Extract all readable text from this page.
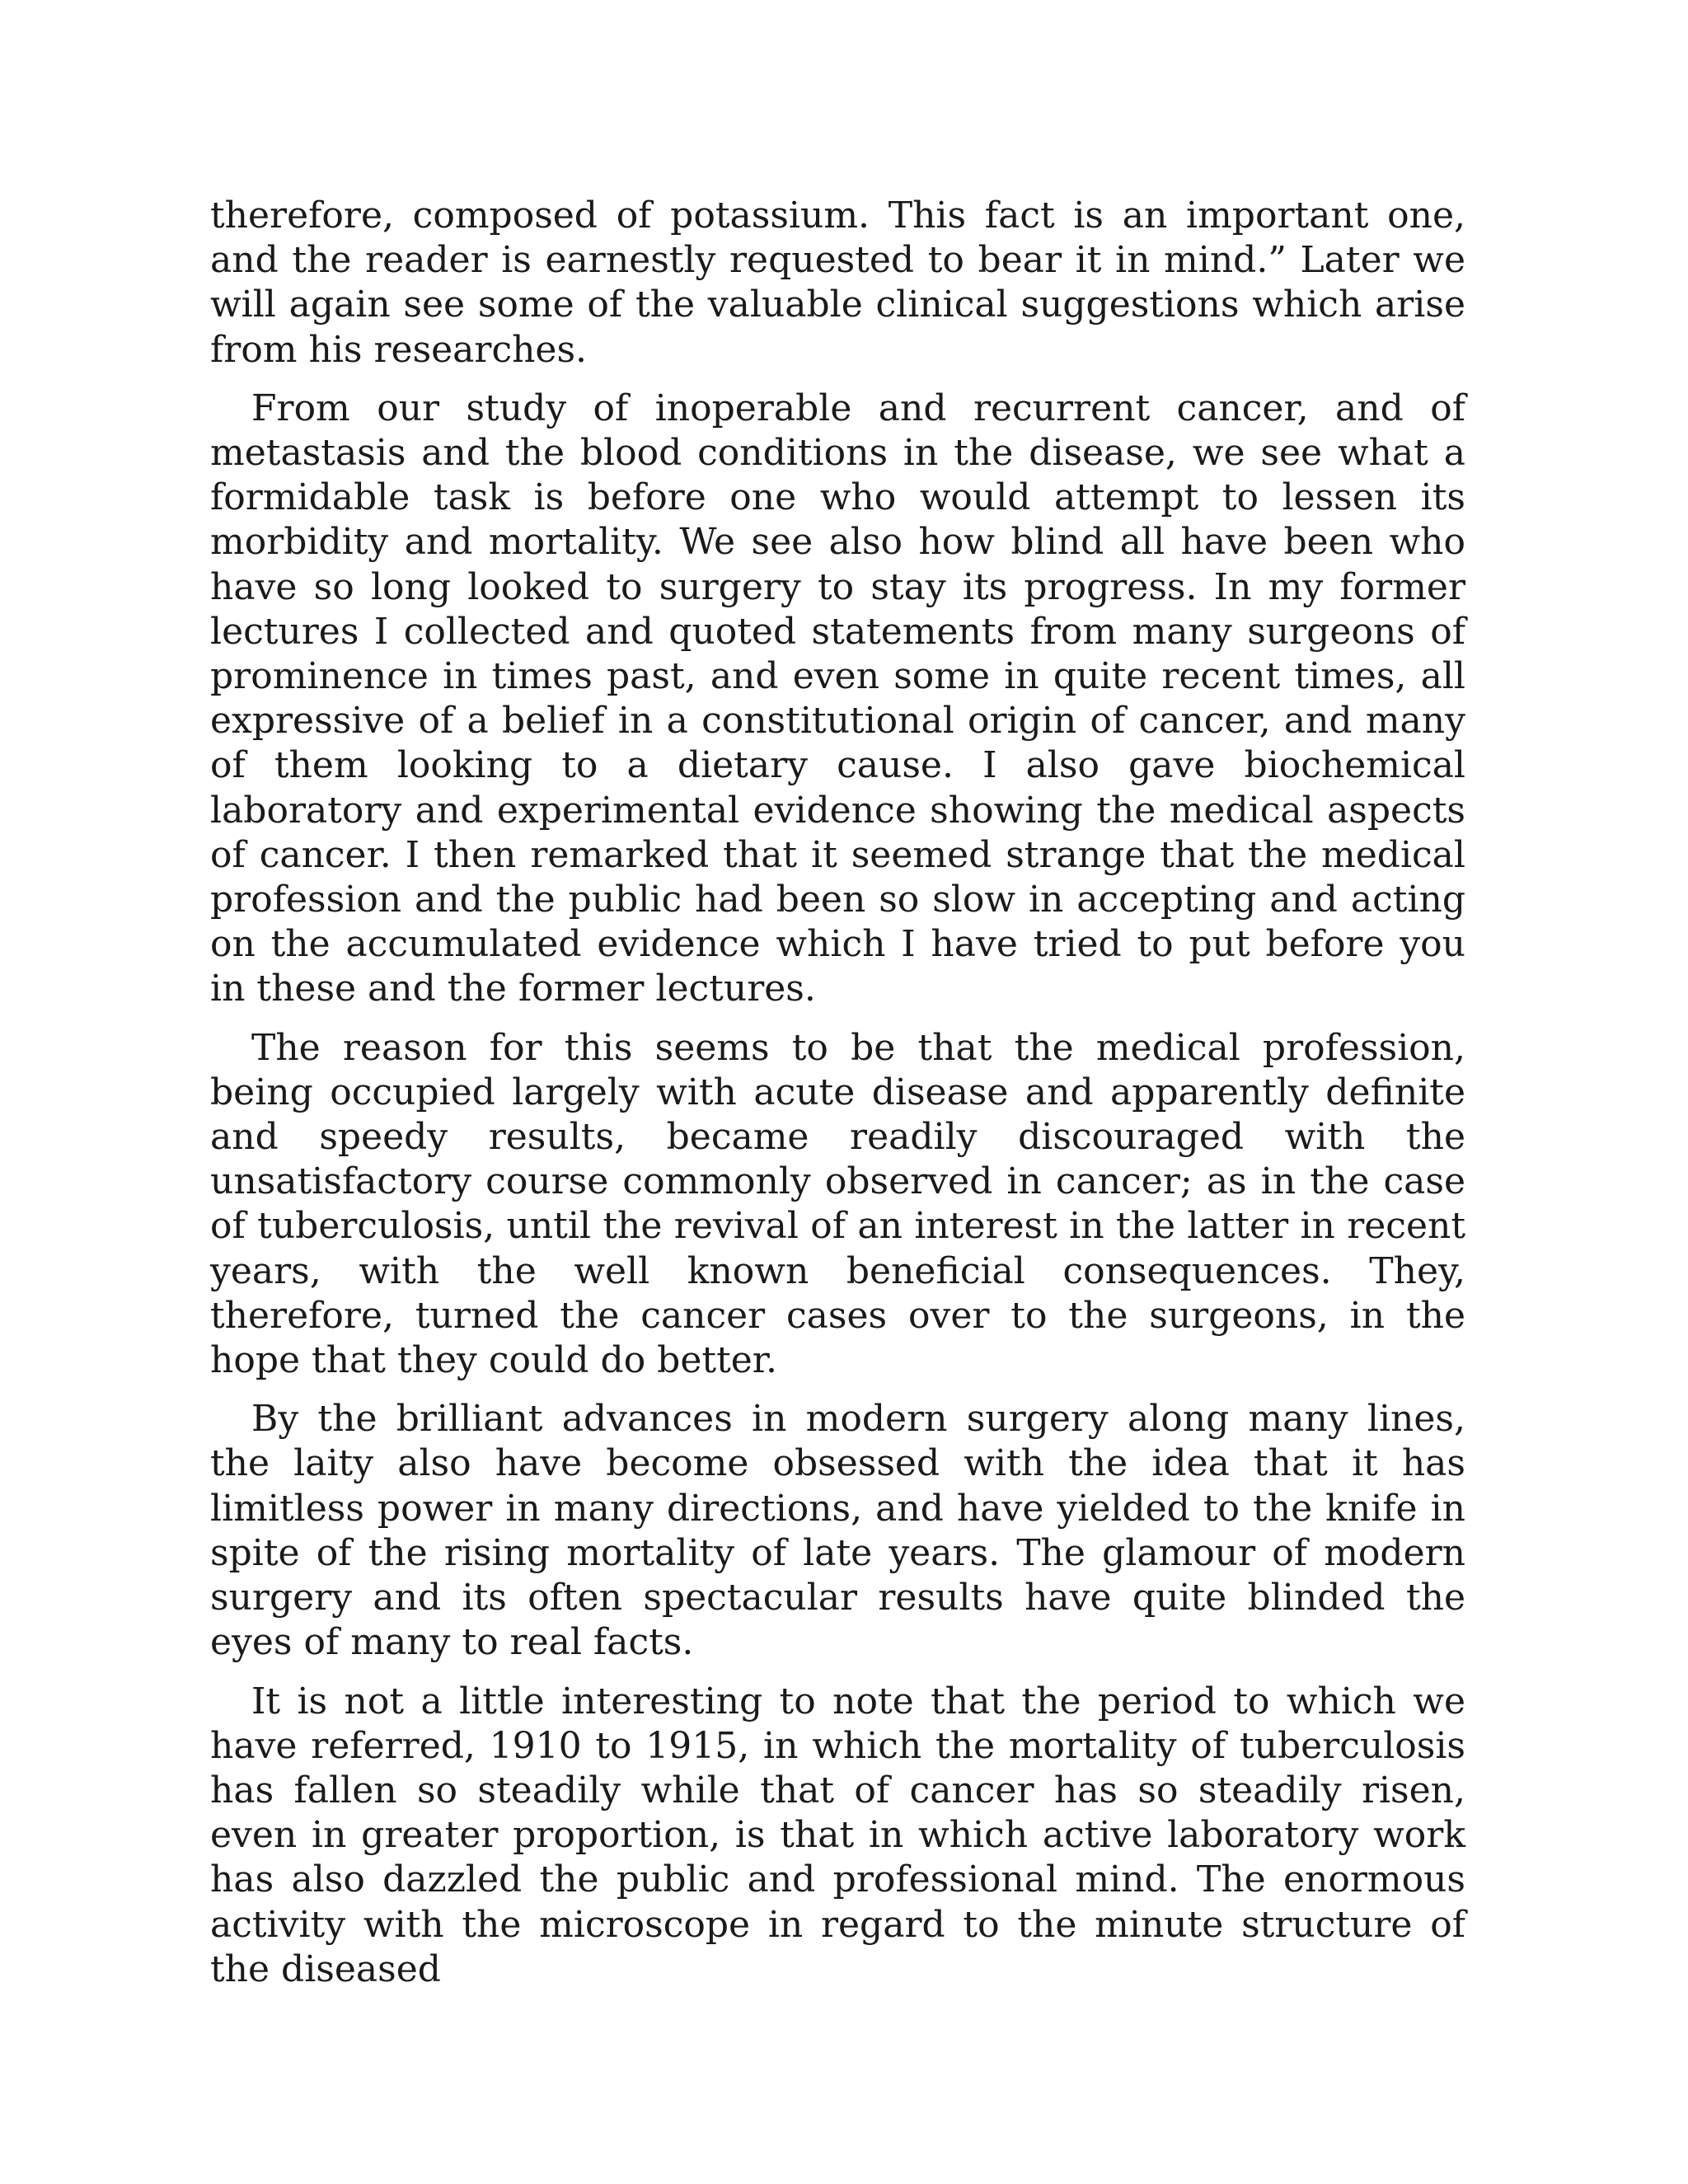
therefore, composed of potassium. This fact is an important one, and the reader is earnestly requested to bear it in mind.” Later we will again see some of the valuable clinical suggestions which arise from his researches.

From our study of inoperable and recurrent cancer, and of metastasis and the blood conditions in the disease, we see what a formidable task is before one who would attempt to lessen its morbidity and mortality. We see also how blind all have been who have so long looked to surgery to stay its progress. In my former lectures I collected and quoted statements from many surgeons of prominence in times past, and even some in quite recent times, all expressive of a belief in a constitutional origin of cancer, and many of them looking to a dietary cause. I also gave biochemical laboratory and experimental evidence showing the medical aspects of cancer. I then remarked that it seemed strange that the medical profession and the public had been so slow in accepting and acting on the accumulated evidence which I have tried to put before you in these and the former lectures.

The reason for this seems to be that the medical profession, being occupied largely with acute disease and apparently definite and speedy results, became readily discouraged with the unsatisfactory course commonly observed in cancer; as in the case of tuberculosis, until the revival of an interest in the latter in recent years, with the well known beneficial consequences. They, therefore, turned the cancer cases over to the surgeons, in the hope that they could do better.

By the brilliant advances in modern surgery along many lines, the laity also have become obsessed with the idea that it has limitless power in many directions, and have yielded to the knife in spite of the rising mortality of late years. The glamour of modern surgery and its often spectacular results have quite blinded the eyes of many to real facts.

It is not a little interesting to note that the period to which we have referred, 1910 to 1915, in which the mortality of tuberculosis has fallen so steadily while that of cancer has so steadily risen, even in greater proportion, is that in which active laboratory work has also dazzled the public and professional mind. The enormous activity with the microscope in regard to the minute structure of the diseased
